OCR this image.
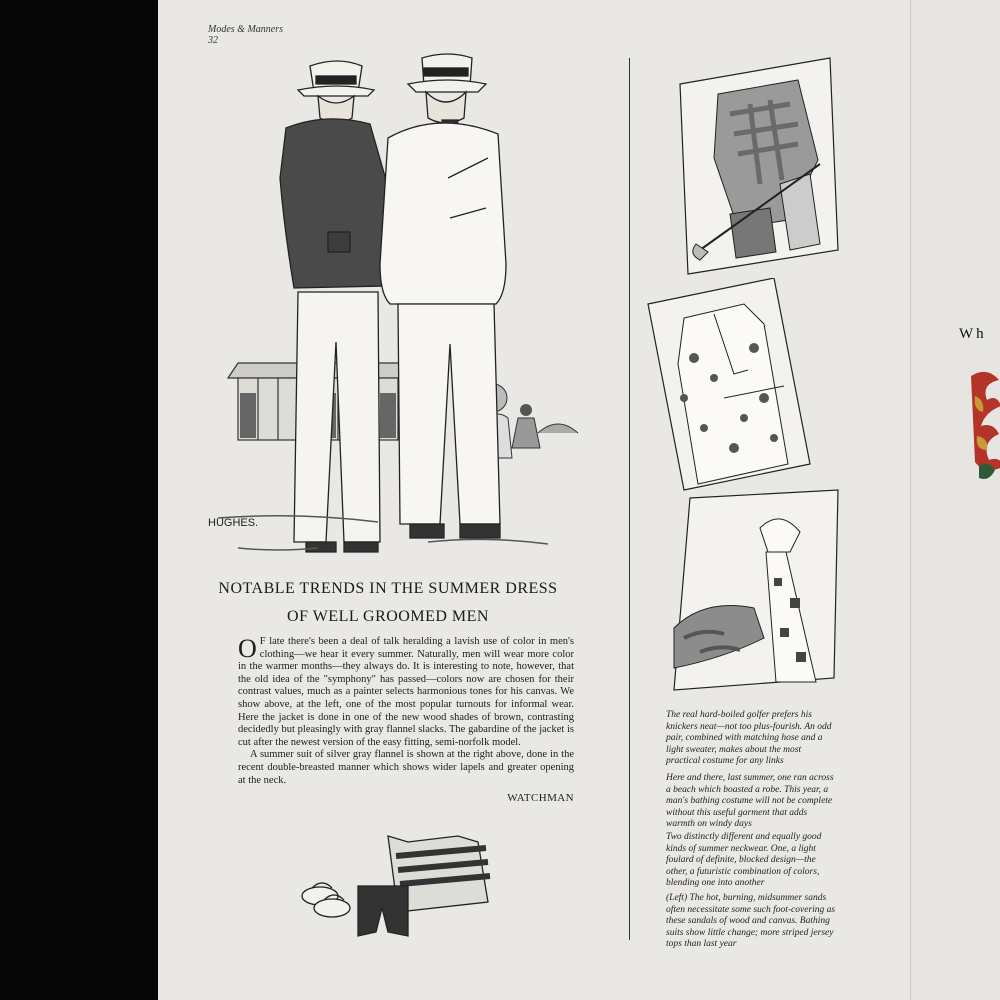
Modes & Manners
32
HUGHES.
NOTABLE TRENDS IN THE SUMMER DRESS
OF WELL GROOMED MEN

O F late there's been a deal of talk heralding a lavish use of color in men's clothing—we hear it every summer. Naturally, men will wear more color in the warmer months—they always do. It is interesting to note, however, that the old idea of the "symphony" has passed—colors now are chosen for their contrast values, much as a painter selects harmonious tones for his canvas. We show above, at the left, one of the most popular turnouts for informal wear. Here the jacket is done in one of the new wood shades of brown, contrasting decidedly but pleasingly with gray flannel slacks. The gabardine of the jacket is cut after the newest version of the easy fitting, semi-norfolk model.

A summer suit of silver gray flannel is shown at the right above, done in the recent double-breasted manner which shows wider lapels and greater opening at the neck.

WATCHMAN

The real hard-boiled golfer prefers his knickers neat—not too plus-fourish. An odd pair, combined with matching hose and a light sweater, makes about the most practical costume for any links

Here and there, last summer, one ran across a beach which boasted a robe. This year, a man's bathing costume will not be complete without this useful garment that adds warmth on windy days

Two distinctly different and equally good kinds of summer neckwear. One, a light foulard of definite, blocked design—the other, a futuristic combination of colors, blending one into another

(Left) The hot, burning, midsummer sands often necessitate some such foot-covering as these sandals of wood and canvas. Bathing suits show little change; more striped jersey tops than last year

Wh
